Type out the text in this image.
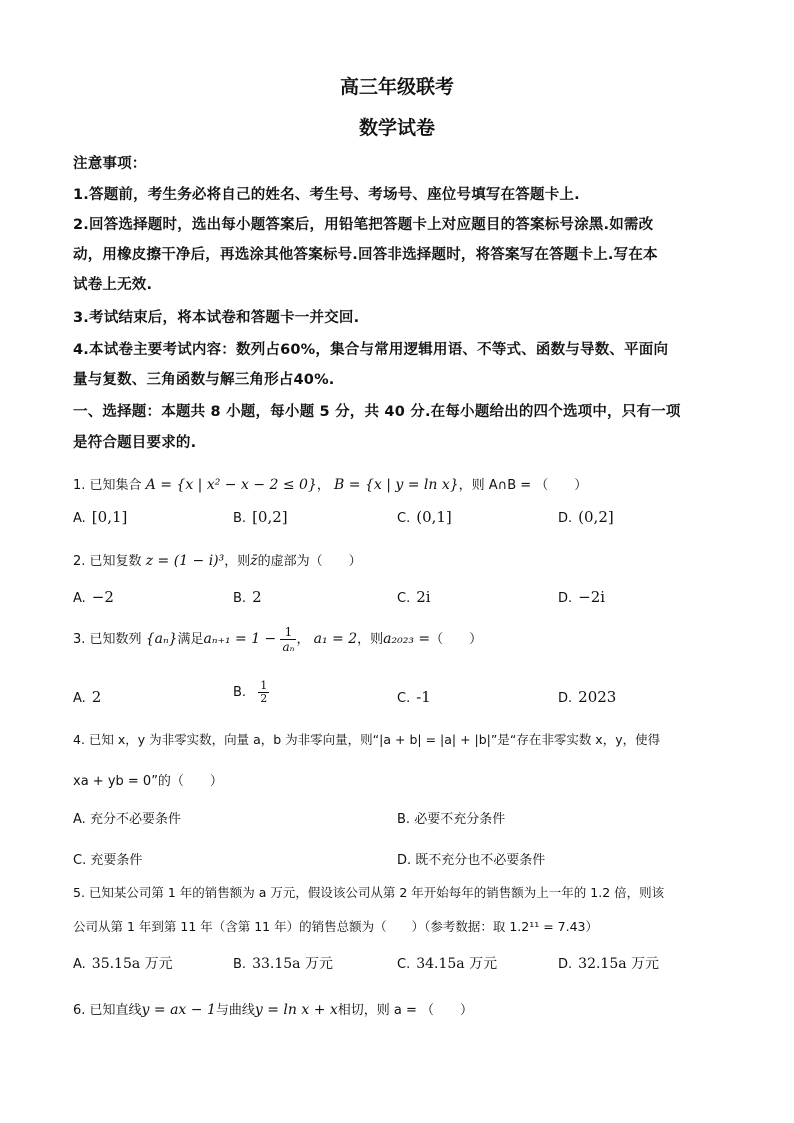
高三年级联考
数学试卷
注意事项：
1.答题前，考生务必将自己的姓名、考生号、考场号、座位号填写在答题卡上.
2.回答选择题时，选出每小题答案后，用铅笔把答题卡上对应题目的答案标号涂黑.如需改
动，用橡皮擦干净后，再选涂其他答案标号.回答非选择题时，将答案写在答题卡上.写在本
试卷上无效.
3.考试结束后，将本试卷和答题卡一并交回.
4.本试卷主要考试内容：数列占60%，集合与常用逻辑用语、不等式、函数与导数、平面向
量与复数、三角函数与解三角形占40%.
一、选择题：本题共 8 小题，每小题 5 分，共 40 分.在每小题给出的四个选项中，只有一项
是符合题目要求的.
1. 已知集合 A = {x | x² − x − 2 ≤ 0}， B = {x | y = ln x}，则 A∩B = （　　）
A. [0,1]	B. [0,2]	C. (0,1]	D. (0,2]
2. 已知复数 z = (1 − i)³，则z̄的虚部为（　　）
A. −2	B. 2	C. 2i	D. −2i
3. 已知数列 {aₙ}满足$a_{n+1} = 1 - \frac{1}{\text{aₙ}}$ ， a₁ = 2，则a₂₀₂₃ =（　　）
A. 2	B. $\frac{1}{2}$	C. -1	D. 2023
4. 已知 x，y 为非零实数，向量 a，b 为非零向量，则“|a + b| = |a| + |b|”是“存在非零实数 x，y，使得
xa + yb = 0”的（　　）
A. 充分不必要条件	B. 必要不充分条件
C. 充要条件	D. 既不充分也不必要条件
5. 已知某公司第 1 年的销售额为 a 万元，假设该公司从第 2 年开始每年的销售额为上一年的 1.2 倍，则该
公司从第 1 年到第 11 年（含第 11 年）的销售总额为（　　）（参考数据：取 1.2¹¹ = 7.43）
A. 35.15a 万元	B. 33.15a 万元	C. 34.15a 万元	D. 32.15a 万元
6. 已知直线y = ax − 1与曲线y = ln x + x相切，则 a = （　　）
